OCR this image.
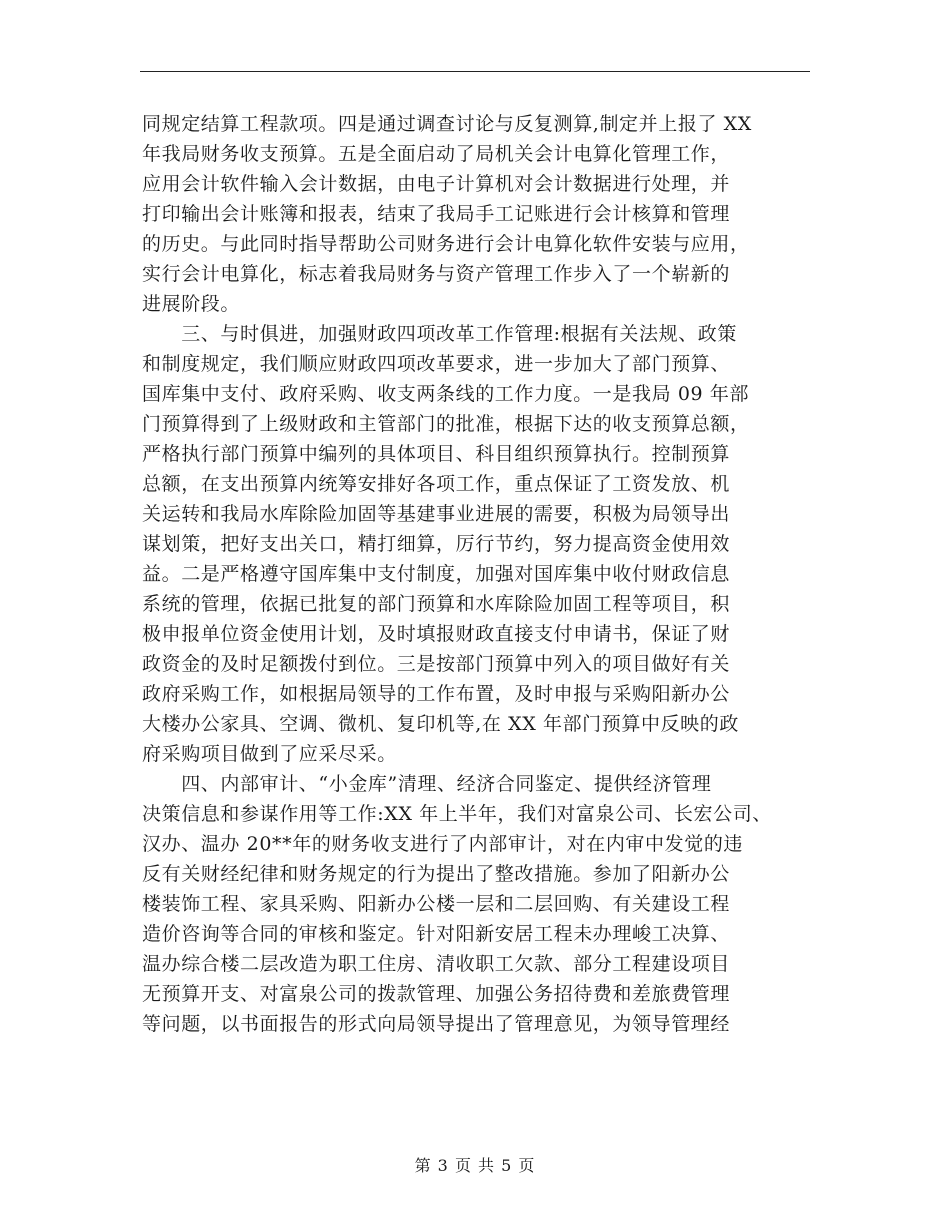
同规定结算工程款项。四是通过调查讨论与反复测算,制定并上报了 XX
年我局财务收支预算。五是全面启动了局机关会计电算化管理工作，
应用会计软件输入会计数据，由电子计算机对会计数据进行处理，并
打印输出会计账簿和报表，结束了我局手工记账进行会计核算和管理
的历史。与此同时指导帮助公司财务进行会计电算化软件安装与应用，
实行会计电算化，标志着我局财务与资产管理工作步入了一个崭新的
进展阶段。
　　三、与时俱进，加强财政四项改革工作管理:根据有关法规、政策
和制度规定，我们顺应财政四项改革要求，进一步加大了部门预算、
国库集中支付、政府采购、收支两条线的工作力度。一是我局 09 年部
门预算得到了上级财政和主管部门的批准，根据下达的收支预算总额，
严格执行部门预算中编列的具体项目、科目组织预算执行。控制预算
总额，在支出预算内统筹安排好各项工作，重点保证了工资发放、机
关运转和我局水库除险加固等基建事业进展的需要，积极为局领导出
谋划策，把好支出关口，精打细算，厉行节约，努力提高资金使用效
益。二是严格遵守国库集中支付制度，加强对国库集中收付财政信息
系统的管理，依据已批复的部门预算和水库除险加固工程等项目，积
极申报单位资金使用计划，及时填报财政直接支付申请书，保证了财
政资金的及时足额拨付到位。三是按部门预算中列入的项目做好有关
政府采购工作，如根据局领导的工作布置，及时申报与采购阳新办公
大楼办公家具、空调、微机、复印机等,在 XX 年部门预算中反映的政
府采购项目做到了应采尽采。
　　四、内部审计、“小金库”清理、经济合同鉴定、提供经济管理
决策信息和参谋作用等工作:XX 年上半年，我们对富泉公司、长宏公司、
汉办、温办 20**年的财务收支进行了内部审计，对在内审中发觉的违
反有关财经纪律和财务规定的行为提出了整改措施。参加了阳新办公
楼装饰工程、家具采购、阳新办公楼一层和二层回购、有关建设工程
造价咨询等合同的审核和鉴定。针对阳新安居工程未办理峻工决算、
温办综合楼二层改造为职工住房、清收职工欠款、部分工程建设项目
无预算开支、对富泉公司的拨款管理、加强公务招待费和差旅费管理
等问题，以书面报告的形式向局领导提出了管理意见，为领导管理经
第 3 页 共 5 页
